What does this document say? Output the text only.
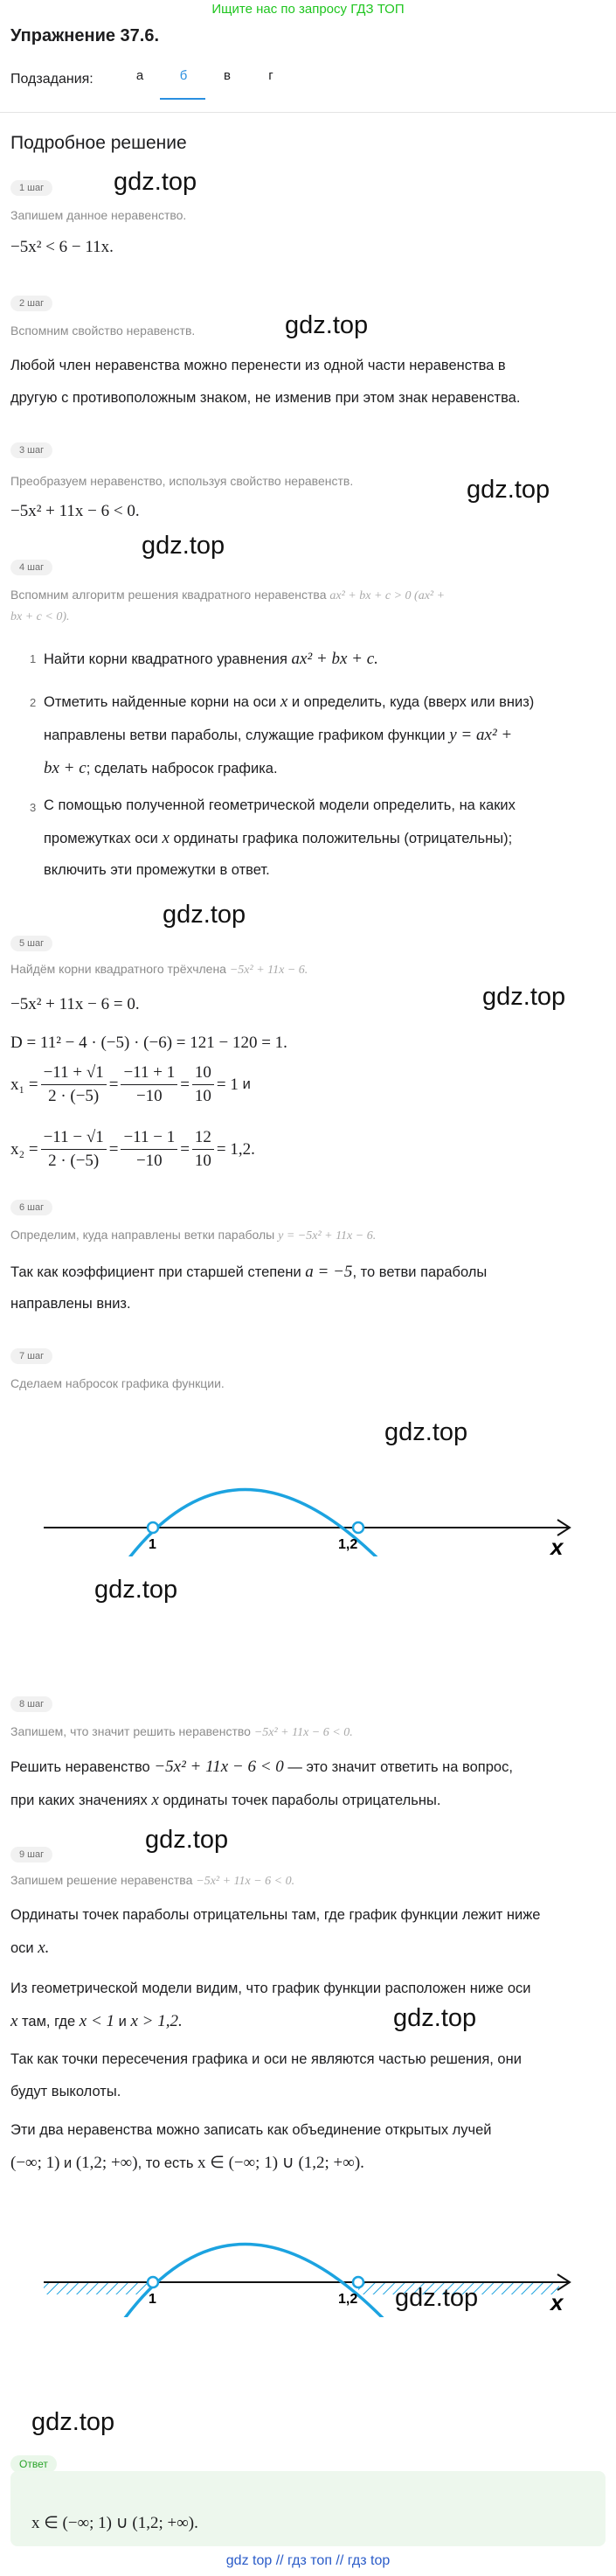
Ищите нас по запросу ГДЗ ТОП
Упражнение 37.6.
Подзадания:	а	б	в	г
Подробное решение
1 шаг	gdz.top
Запишем данное неравенство.
−5x² < 6 − 11x.
2 шаг
gdz.top
Вспомним свойство неравенств.
Любой член неравенства можно перенести из одной части неравенства в
другую с противоположным знаком, не изменив при этом знак неравенства.
3 шаг
Преобразуем неравенство, используя свойство неравенств.	gdz.top
−5x² + 11x − 6 < 0.
gdz.top
4 шаг
Вспомним алгоритм решения квадратного неравенства ax² + bx + c > 0 (ax² +
bx + c < 0).
1 Найти корни квадратного уравнения ax² + bx + c.
2 Отметить найденные корни на оси x и определить, куда (вверх или вниз)
направлены ветви параболы, служащие графиком функции y = ax² +
bx + c; сделать набросок графика.
3 С помощью полученной геометрической модели определить, на каких
промежутках оси x ординаты графика положительны (отрицательны);
включить эти промежутки в ответ.
gdz.top
5 шаг
Найдём корни квадратного трёхчлена −5x² + 11x − 6.
gdz.top
−5x² + 11x − 6 = 0.
D = 11² − 4 · (−5) · (−6) = 121 − 120 = 1.
$x_1 = \frac{-11 + √1}{2 \cdot (-5)} = \frac{-11 + 1}{-10} = \frac{10}{10} = 1$
и
$x_2 = \frac{-11 - √1}{2 \cdot (-5)} = \frac{-11 - 1}{-10} = \frac{12}{10} = 1,2$.
6 шаг
Определим, куда направлены ветки параболы y = −5x² + 11x − 6.
Так как коэффициент при старшей степени a = −5, то ветви параболы
направлены вниз.
7 шаг
Сделаем набросок графика функции.
gdz.top
1	1,2	x
gdz.top
8 шаг
Запишем, что значит решить неравенство −5x² + 11x − 6 < 0.
Решить неравенство −5x² + 11x − 6 < 0 — это значит ответить на вопрос,
при каких значениях x ординаты точек параболы отрицательны.
gdz.top
9 шаг
Запишем решение неравенства −5x² + 11x − 6 < 0.
Ординаты точек параболы отрицательны там, где график функции лежит ниже
оси x.
Из геометрической модели видим, что график функции расположен ниже оси
x там, где x < 1 и x > 1,2.	gdz.top
Так как точки пересечения графика и оси не являются частью решения, они
будут выколоты.
Эти два неравенства можно записать как объединение открытых лучей
(−∞; 1) и (1,2; +∞), то есть x ∈ (−∞; 1) ∪ (1,2; +∞).
1	1,2	x
gdz.top
gdz.top
Ответ
x ∈ (−∞; 1) ∪ (1,2; +∞).
gdz top // гдз топ // гдз top
